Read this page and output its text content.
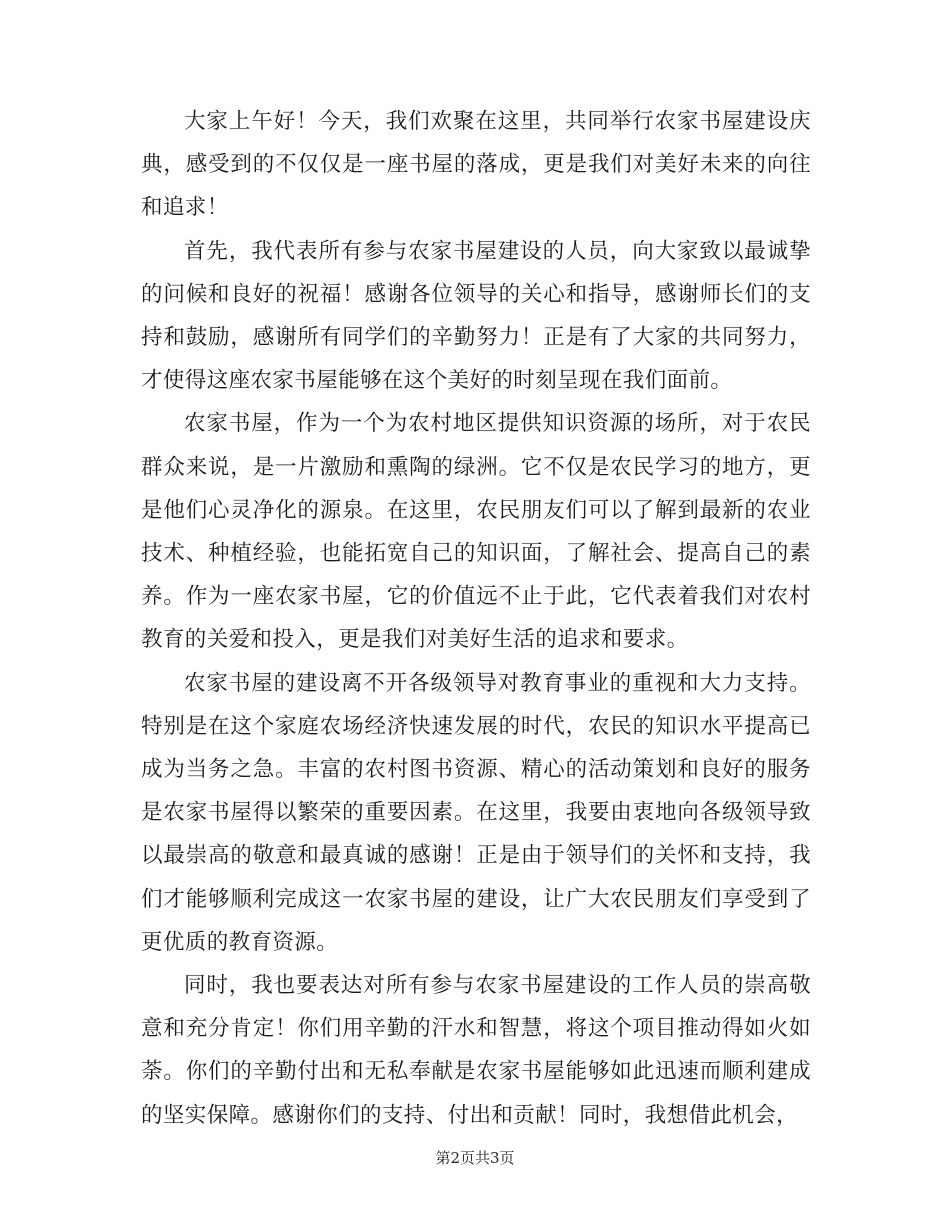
大家上午好！今天，我们欢聚在这里，共同举行农家书屋建设庆典，感受到的不仅仅是一座书屋的落成，更是我们对美好未来的向往和追求！

首先，我代表所有参与农家书屋建设的人员，向大家致以最诚挚的问候和良好的祝福！感谢各位领导的关心和指导，感谢师长们的支持和鼓励，感谢所有同学们的辛勤努力！正是有了大家的共同努力，才使得这座农家书屋能够在这个美好的时刻呈现在我们面前。

农家书屋，作为一个为农村地区提供知识资源的场所，对于农民群众来说，是一片激励和熏陶的绿洲。它不仅是农民学习的地方，更是他们心灵净化的源泉。在这里，农民朋友们可以了解到最新的农业技术、种植经验，也能拓宽自己的知识面，了解社会、提高自己的素养。作为一座农家书屋，它的价值远不止于此，它代表着我们对农村教育的关爱和投入，更是我们对美好生活的追求和要求。

农家书屋的建设离不开各级领导对教育事业的重视和大力支持。特别是在这个家庭农场经济快速发展的时代，农民的知识水平提高已成为当务之急。丰富的农村图书资源、精心的活动策划和良好的服务是农家书屋得以繁荣的重要因素。在这里，我要由衷地向各级领导致以最崇高的敬意和最真诚的感谢！正是由于领导们的关怀和支持，我们才能够顺利完成这一农家书屋的建设，让广大农民朋友们享受到了更优质的教育资源。

同时，我也要表达对所有参与农家书屋建设的工作人员的崇高敬意和充分肯定！你们用辛勤的汗水和智慧，将这个项目推动得如火如荼。你们的辛勤付出和无私奉献是农家书屋能够如此迅速而顺利建成的坚实保障。感谢你们的支持、付出和贡献！同时，我想借此机会，

第2页共3页
